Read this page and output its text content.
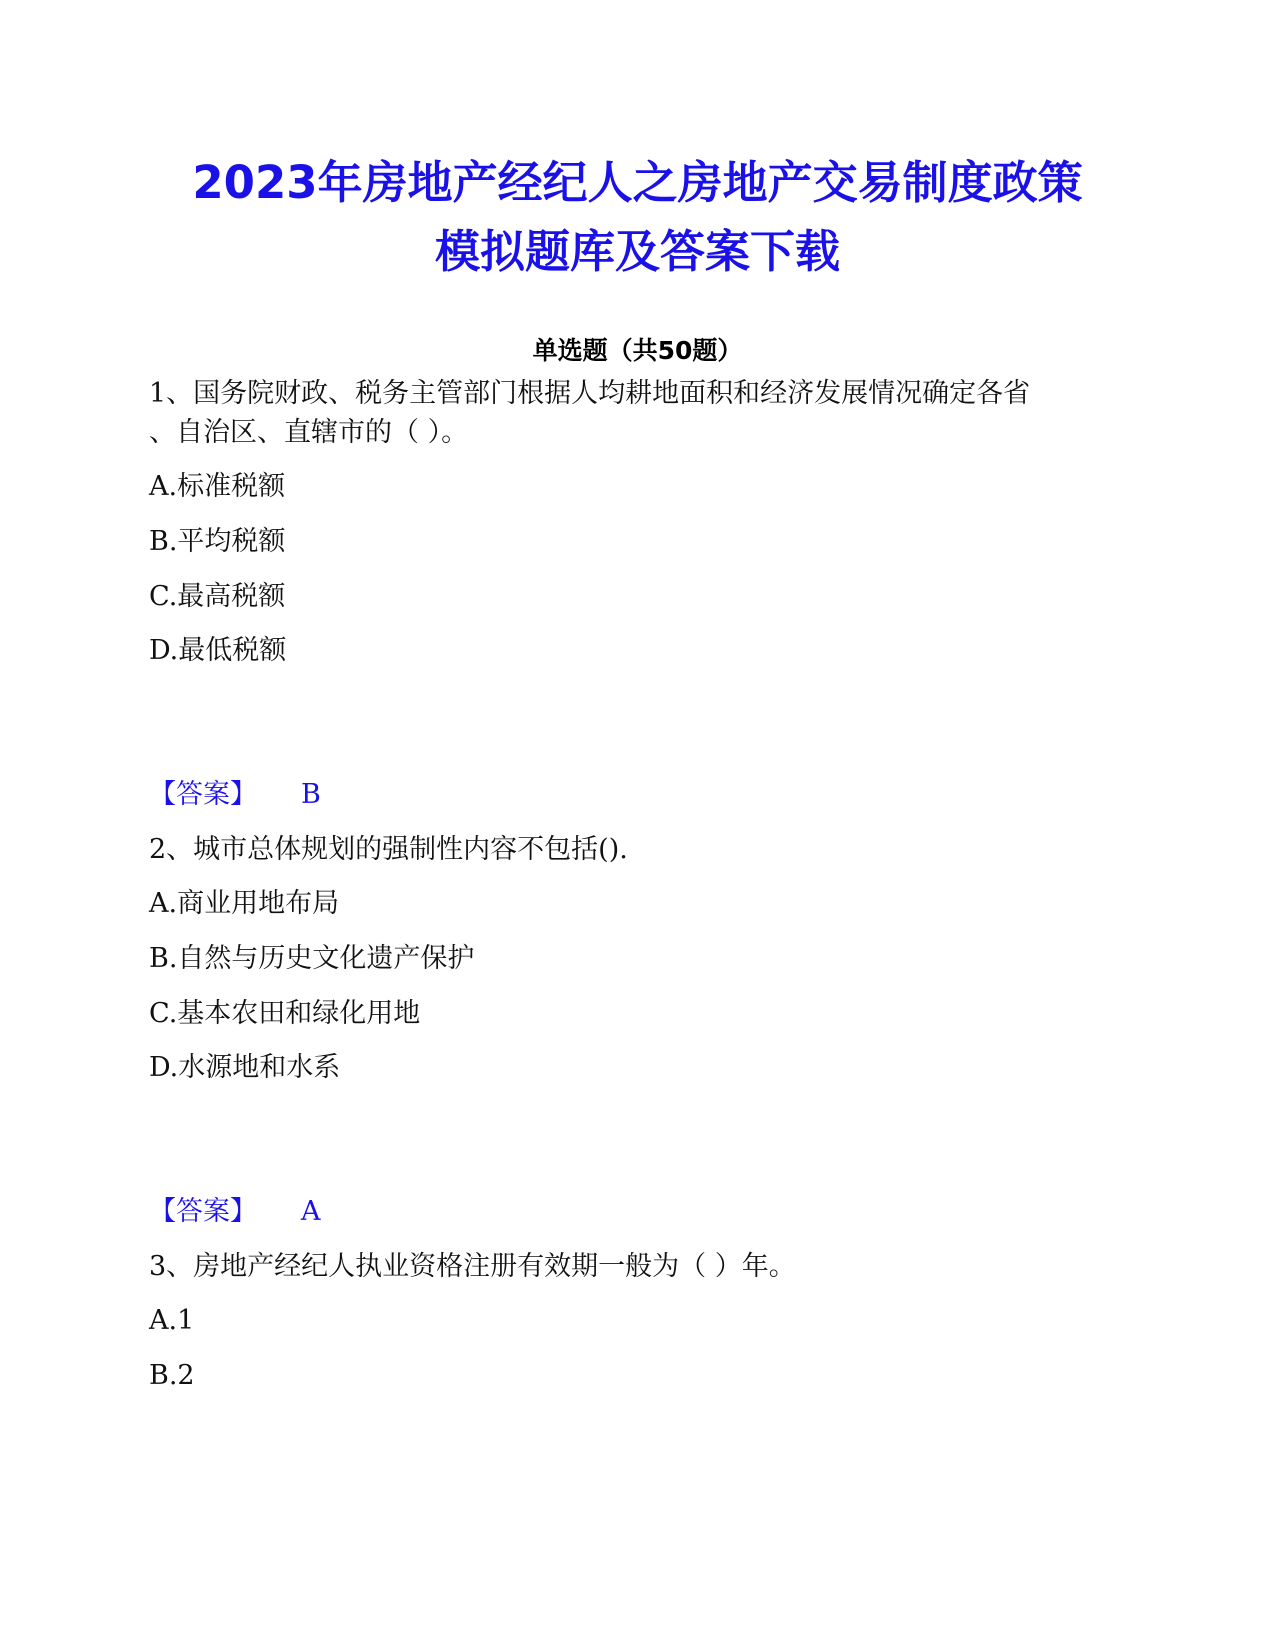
2023年房地产经纪人之房地产交易制度政策
模拟题库及答案下载
单选题（共50题）
1、国务院财政、税务主管部门根据人均耕地面积和经济发展情况确定各省
、自治区、直辖市的（ ）。
A.标准税额
B.平均税额
C.最高税额
D.最低税额
【答案】 B
2、城市总体规划的强制性内容不包括().
A.商业用地布局
B.自然与历史文化遗产保护
C.基本农田和绿化用地
D.水源地和水系
【答案】 A
3、房地产经纪人执业资格注册有效期一般为（ ）年。
A.1
B.2
